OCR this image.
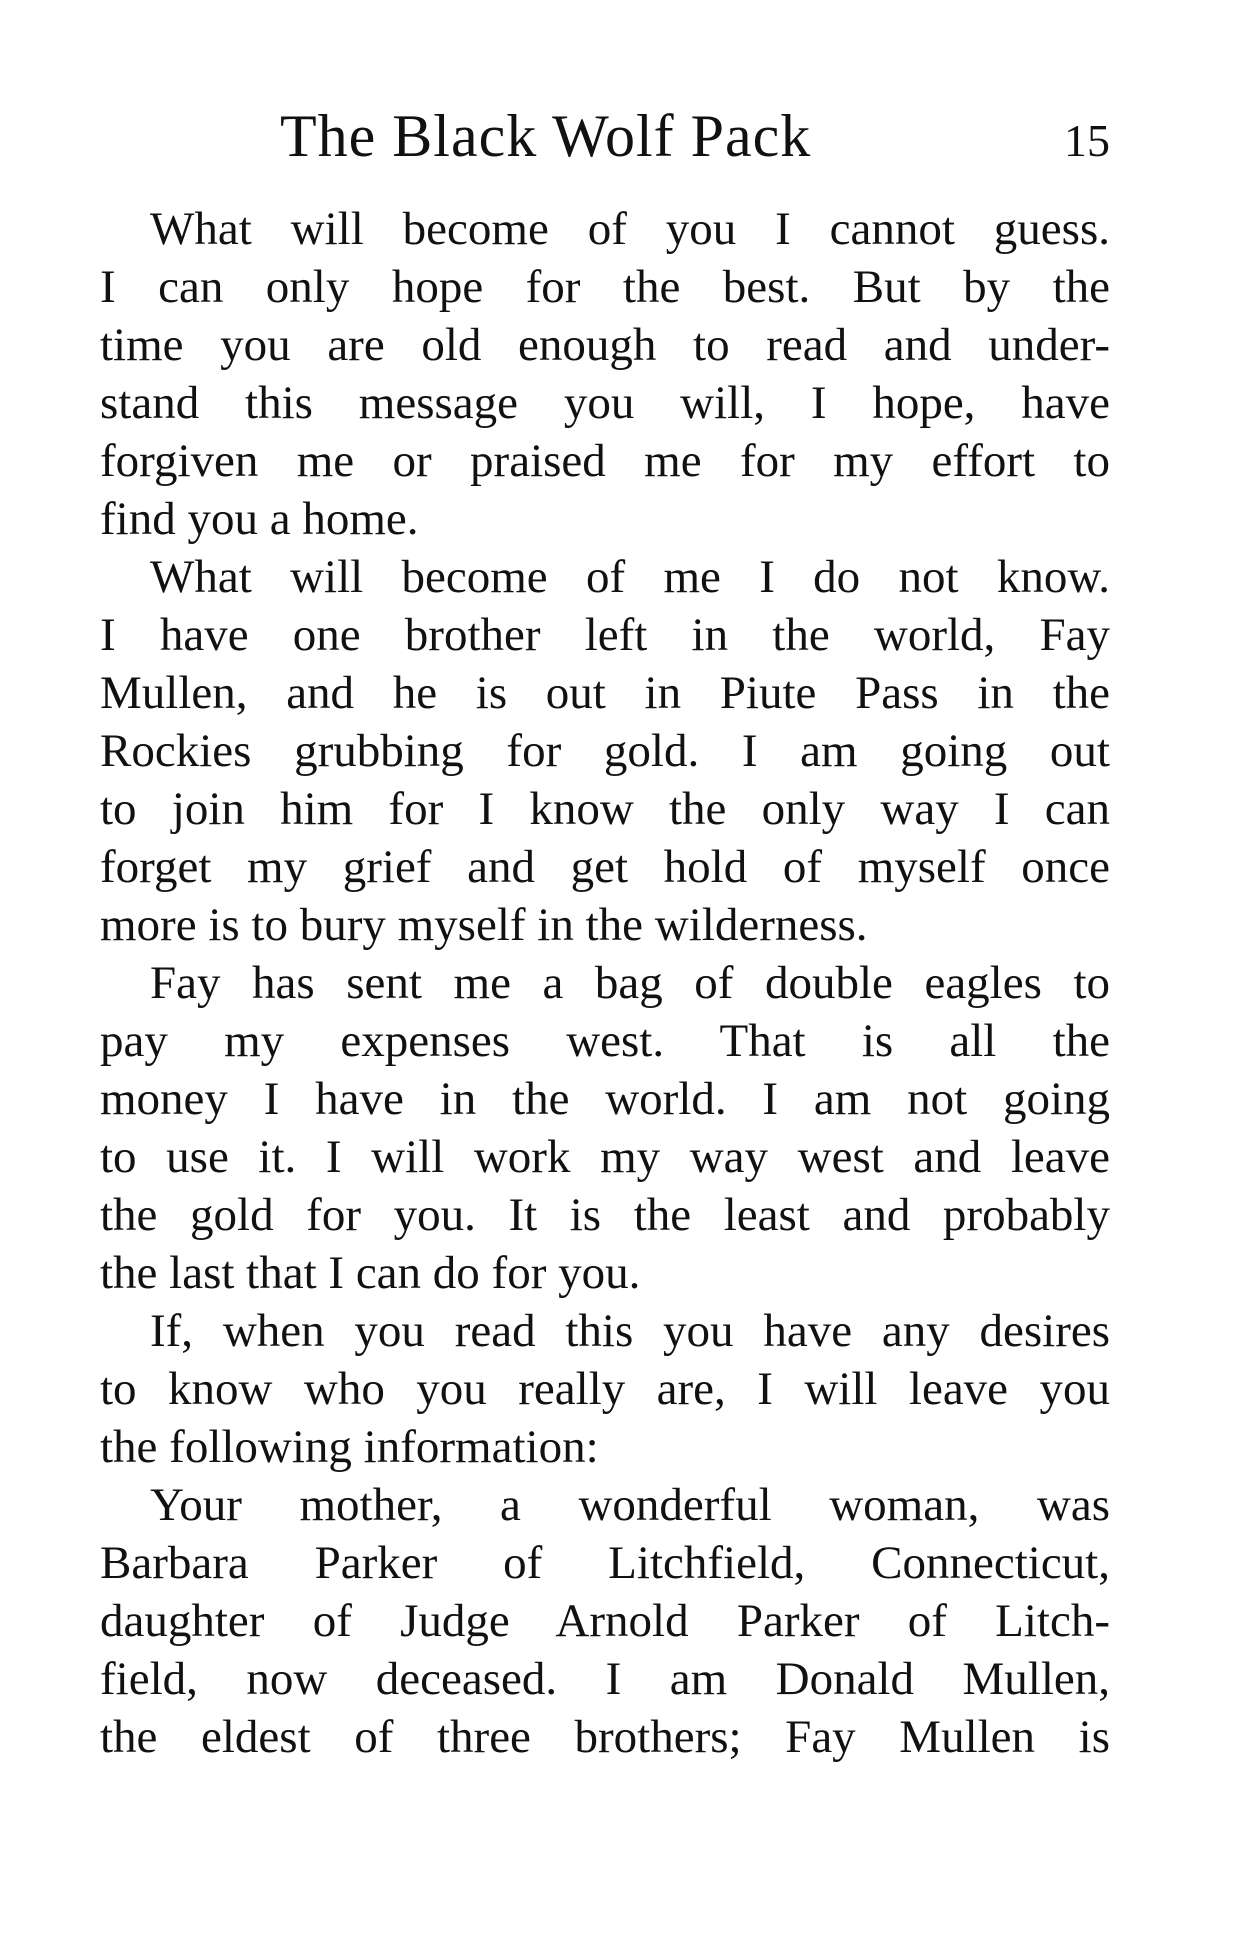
The Black Wolf Pack	15

What will become of you I cannot guess.
I can only hope for the best. But by the
time you are old enough to read and under-
stand this message you will, I hope, have
forgiven me or praised me for my effort to
find you a home.

What will become of me I do not know.
I have one brother left in the world, Fay
Mullen, and he is out in Piute Pass in the
Rockies grubbing for gold. I am going out
to join him for I know the only way I can
forget my grief and get hold of myself once
more is to bury myself in the wilderness.

Fay has sent me a bag of double eagles to
pay my expenses west. That is all the
money I have in the world. I am not going
to use it. I will work my way west and leave
the gold for you. It is the least and probably
the last that I can do for you.

If, when you read this you have any desires
to know who you really are, I will leave you
the following information:

Your mother, a wonderful woman, was
Barbara Parker of Litchfield, Connecticut,
daughter of Judge Arnold Parker of Litch-
field, now deceased. I am Donald Mullen,
the eldest of three brothers; Fay Mullen is
